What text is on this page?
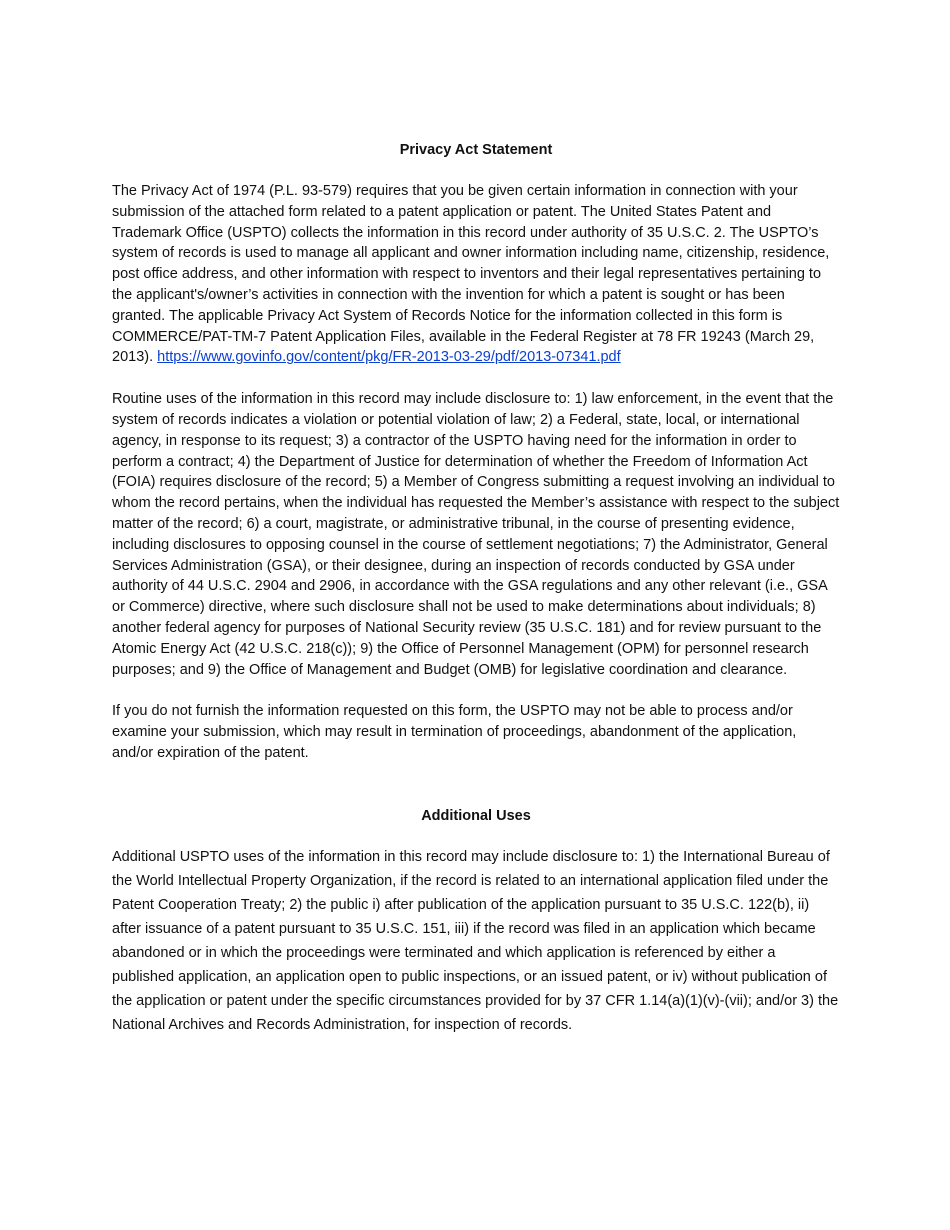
Privacy Act Statement

The Privacy Act of 1974 (P.L. 93-579) requires that you be given certain information in connection with your submission of the attached form related to a patent application or patent. The United States Patent and Trademark Office (USPTO) collects the information in this record under authority of 35 U.S.C. 2. The USPTO’s system of records is used to manage all applicant and owner information including name, citizenship, residence, post office address, and other information with respect to inventors and their legal representatives pertaining to the applicant's/owner’s activities in connection with the invention for which a patent is sought or has been granted. The applicable Privacy Act System of Records Notice for the information collected in this form is COMMERCE/PAT-TM-7 Patent Application Files, available in the Federal Register at 78 FR 19243 (March 29, 2013). https://www.govinfo.gov/content/pkg/FR-2013-03-29/pdf/2013-07341.pdf

Routine uses of the information in this record may include disclosure to: 1) law enforcement, in the event that the system of records indicates a violation or potential violation of law; 2) a Federal, state, local, or international agency, in response to its request; 3) a contractor of the USPTO having need for the information in order to perform a contract; 4) the Department of Justice for determination of whether the Freedom of Information Act (FOIA) requires disclosure of the record; 5) a Member of Congress submitting a request involving an individual to whom the record pertains, when the individual has requested the Member’s assistance with respect to the subject matter of the record; 6) a court, magistrate, or administrative tribunal, in the course of presenting evidence, including disclosures to opposing counsel in the course of settlement negotiations; 7) the Administrator, General Services Administration (GSA), or their designee, during an inspection of records conducted by GSA under authority of 44 U.S.C. 2904 and 2906, in accordance with the GSA regulations and any other relevant (i.e., GSA or Commerce) directive, where such disclosure shall not be used to make determinations about individuals; 8) another federal agency for purposes of National Security review (35 U.S.C. 181) and for review pursuant to the Atomic Energy Act (42 U.S.C. 218(c)); 9) the Office of Personnel Management (OPM) for personnel research purposes; and 9) the Office of Management and Budget (OMB) for legislative coordination and clearance.

If you do not furnish the information requested on this form, the USPTO may not be able to process and/or examine your submission, which may result in termination of proceedings, abandonment of the application, and/or expiration of the patent.

Additional Uses

Additional USPTO uses of the information in this record may include disclosure to: 1) the International Bureau of the World Intellectual Property Organization, if the record is related to an international application filed under the Patent Cooperation Treaty; 2) the public i) after publication of the application pursuant to 35 U.S.C. 122(b), ii) after issuance of a patent pursuant to 35 U.S.C. 151, iii) if the record was filed in an application which became abandoned or in which the proceedings were terminated and which application is referenced by either a published application, an application open to public inspections, or an issued patent, or iv) without publication of the application or patent under the specific circumstances provided for by 37 CFR 1.14(a)(1)(v)-(vii); and/or 3) the National Archives and Records Administration, for inspection of records.
